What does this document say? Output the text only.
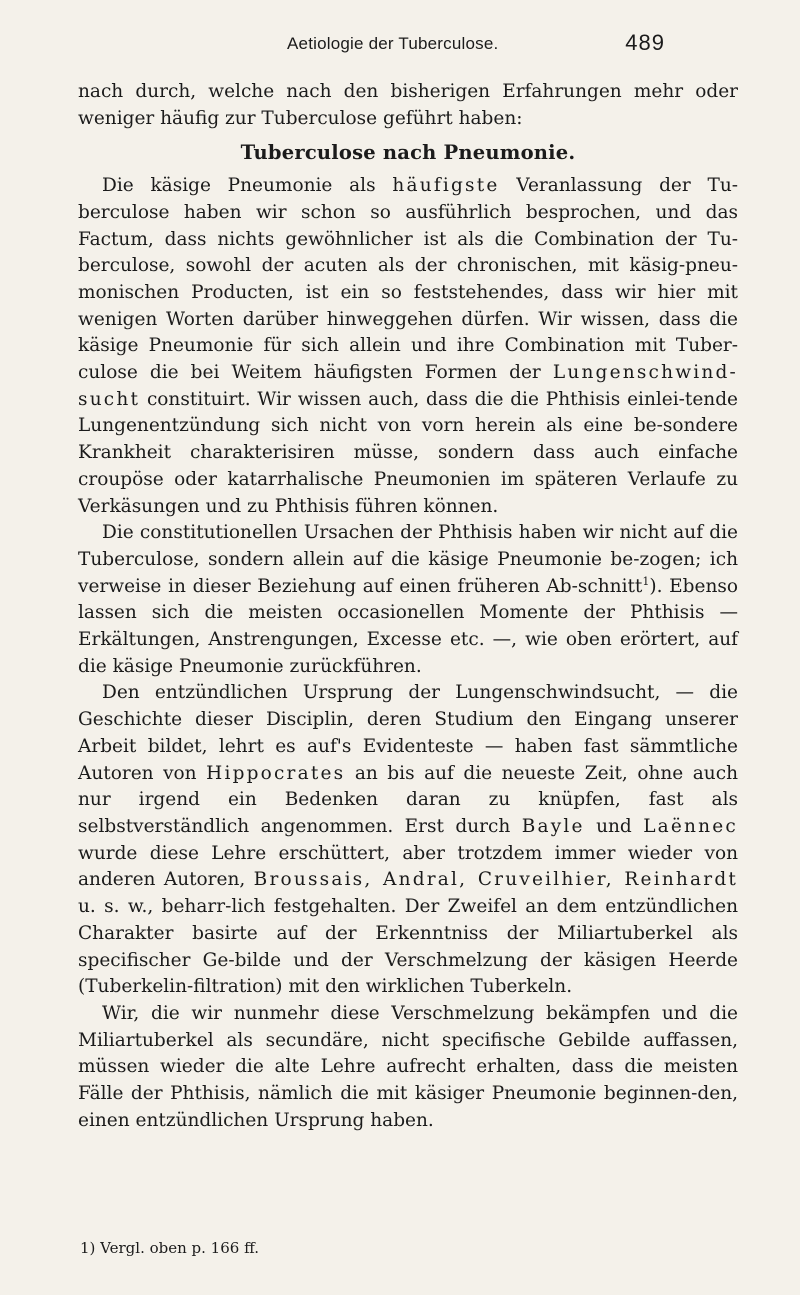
Aetiologie der Tuberculose.	489

nach durch, welche nach den bisherigen Erfahrungen mehr oder weniger häufig zur Tuberculose geführt haben:

Tuberculose nach Pneumonie.

Die käsige Pneumonie als häufigste Veranlassung der Tu-berculose haben wir schon so ausführlich besprochen, und das Factum, dass nichts gewöhnlicher ist als die Combination der Tu-berculose, sowohl der acuten als der chronischen, mit käsig-pneu-monischen Producten, ist ein so feststehendes, dass wir hier mit wenigen Worten darüber hinweggehen dürfen. Wir wissen, dass die käsige Pneumonie für sich allein und ihre Combination mit Tuber-culose die bei Weitem häufigsten Formen der Lungenschwind-sucht constituirt. Wir wissen auch, dass die die Phthisis einlei-tende Lungenentzündung sich nicht von vorn herein als eine be-sondere Krankheit charakterisiren müsse, sondern dass auch einfache croupöse oder katarrhalische Pneumonien im späteren Verlaufe zu Verkäsungen und zu Phthisis führen können.

Die constitutionellen Ursachen der Phthisis haben wir nicht auf die Tuberculose, sondern allein auf die käsige Pneumonie be-zogen; ich verweise in dieser Beziehung auf einen früheren Ab-schnitt$^1$). Ebenso lassen sich die meisten occasionellen Momente der Phthisis — Erkältungen, Anstrengungen, Excesse etc. —, wie oben erörtert, auf die käsige Pneumonie zurückführen.

Den entzündlichen Ursprung der Lungenschwindsucht, — die Geschichte dieser Disciplin, deren Studium den Eingang unserer Arbeit bildet, lehrt es auf's Evidenteste — haben fast sämmtliche Autoren von Hippocrates an bis auf die neueste Zeit, ohne auch nur irgend ein Bedenken daran zu knüpfen, fast als selbstverständlich angenommen. Erst durch Bayle und Laënnec wurde diese Lehre erschüttert, aber trotzdem immer wieder von anderen Autoren, Broussais, Andral, Cruveilhier, Reinhardt u. s. w., beharr-lich festgehalten. Der Zweifel an dem entzündlichen Charakter basirte auf der Erkenntniss der Miliartuberkel als specifischer Ge-bilde und der Verschmelzung der käsigen Heerde (Tuberkelin-filtration) mit den wirklichen Tuberkeln.

Wir, die wir nunmehr diese Verschmelzung bekämpfen und die Miliartuberkel als secundäre, nicht specifische Gebilde auffassen, müssen wieder die alte Lehre aufrecht erhalten, dass die meisten Fälle der Phthisis, nämlich die mit käsiger Pneumonie beginnen-den, einen entzündlichen Ursprung haben.

1) Vergl. oben p. 166 ff.
